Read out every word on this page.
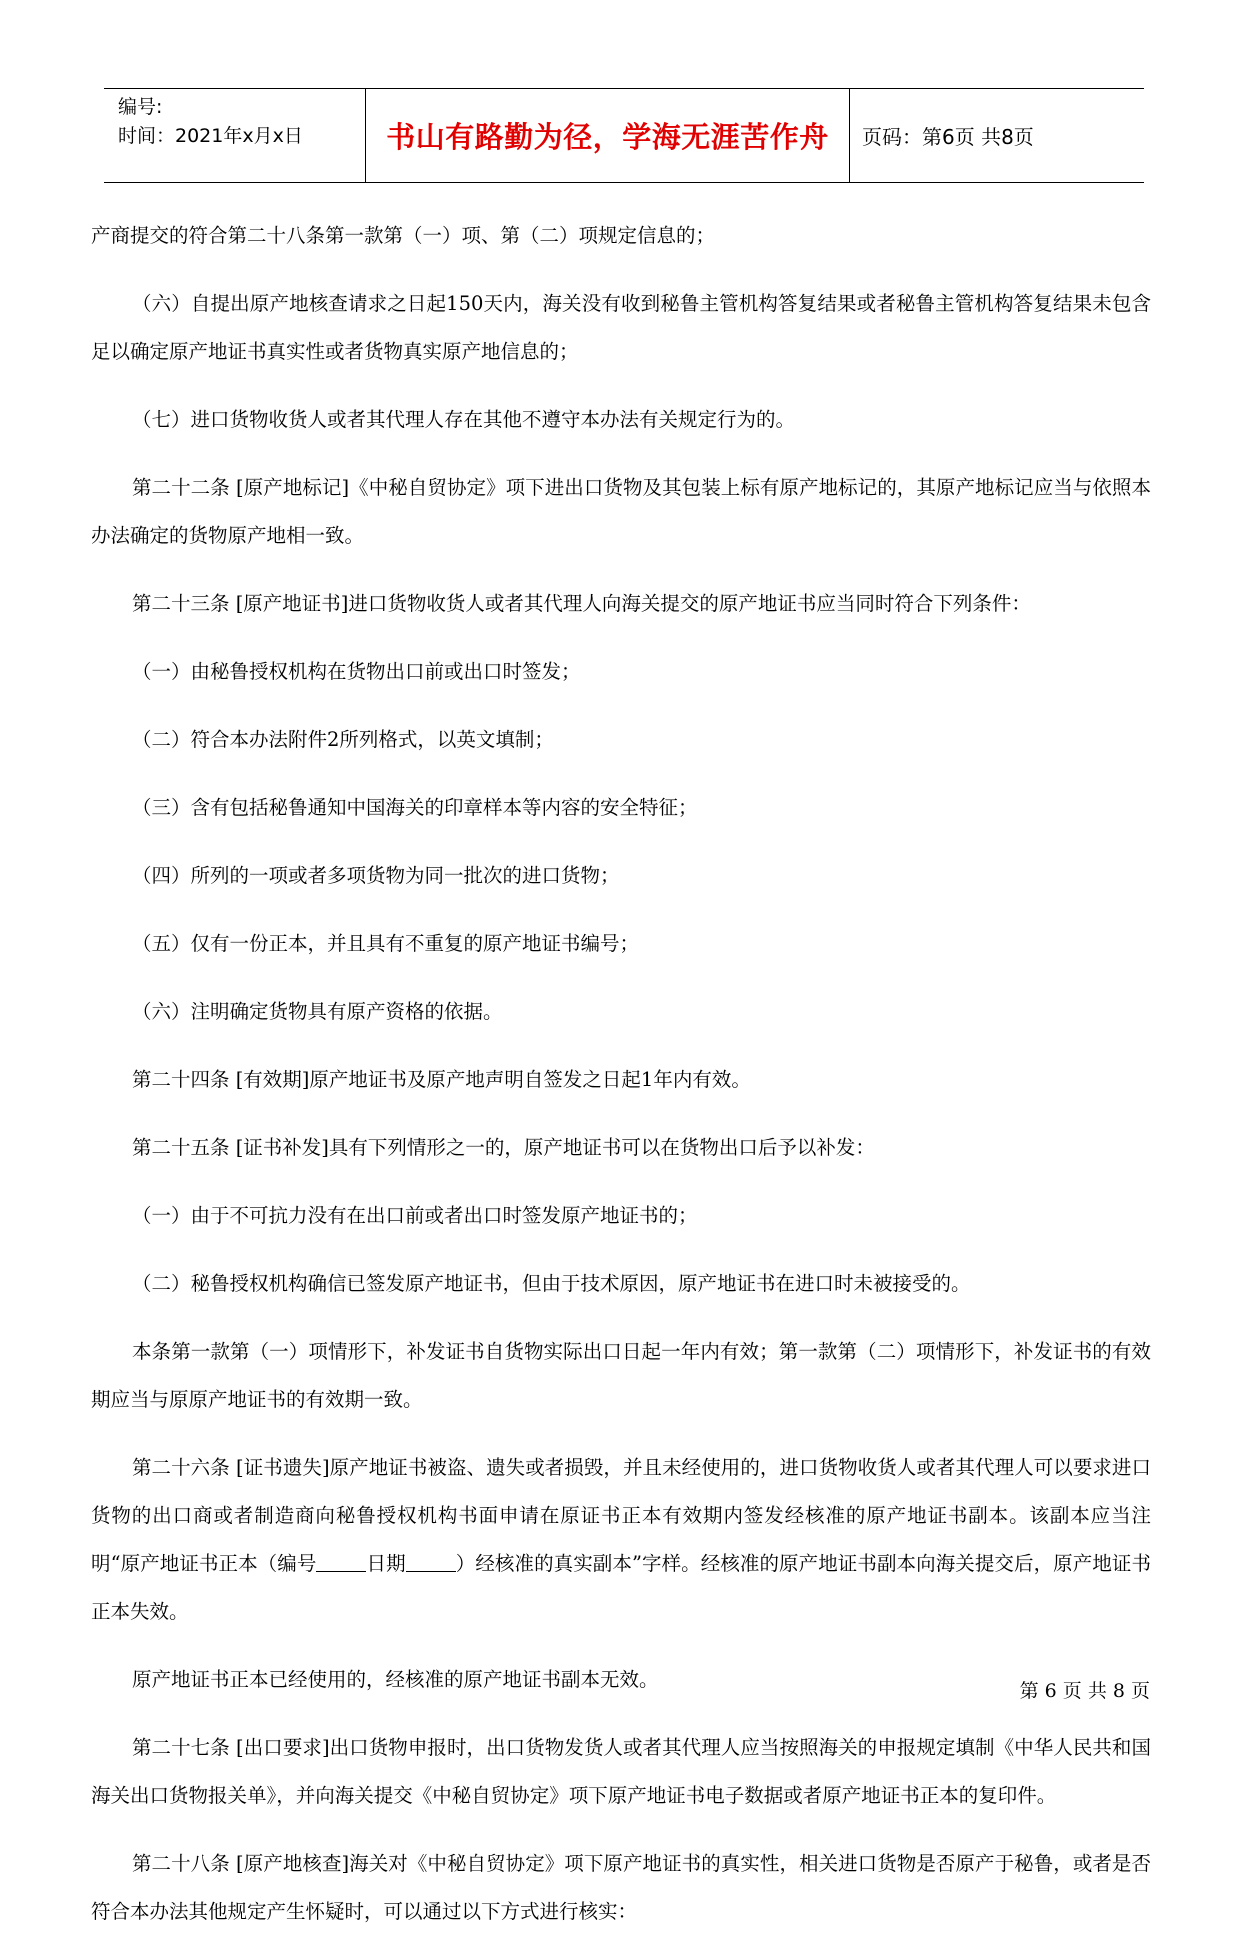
编号:
时间：2021年x月x日	书山有路勤为径，学海无涯苦作舟 页码：第6页 共8页

产商提交的符合第二十八条第一款第（一）项、第（二）项规定信息的；

（六）自提出原产地核查请求之日起150天内，海关没有收到秘鲁主管机构答复结果或者秘鲁主管机构答复结果未包含足以确定原产地证书真实性或者货物真实原产地信息的；

（七）进口货物收货人或者其代理人存在其他不遵守本办法有关规定行为的。

第二十二条 [原产地标记]《中秘自贸协定》项下进出口货物及其包装上标有原产地标记的，其原产地标记应当与依照本办法确定的货物原产地相一致。

第二十三条 [原产地证书]进口货物收货人或者其代理人向海关提交的原产地证书应当同时符合下列条件：

（一）由秘鲁授权机构在货物出口前或出口时签发；

（二）符合本办法附件2所列格式，以英文填制；

（三）含有包括秘鲁通知中国海关的印章样本等内容的安全特征；

（四）所列的一项或者多项货物为同一批次的进口货物；

（五）仅有一份正本，并且具有不重复的原产地证书编号；

（六）注明确定货物具有原产资格的依据。

第二十四条 [有效期]原产地证书及原产地声明自签发之日起1年内有效。

第二十五条 [证书补发]具有下列情形之一的，原产地证书可以在货物出口后予以补发：

（一）由于不可抗力没有在出口前或者出口时签发原产地证书的；

（二）秘鲁授权机构确信已签发原产地证书，但由于技术原因，原产地证书在进口时未被接受的。

本条第一款第（一）项情形下，补发证书自货物实际出口日起一年内有效；第一款第（二）项情形下，补发证书的有效期应当与原原产地证书的有效期一致。

第二十六条 [证书遗失]原产地证书被盗、遗失或者损毁，并且未经使用的，进口货物收货人或者其代理人可以要求进口货物的出口商或者制造商向秘鲁授权机构书面申请在原证书正本有效期内签发经核准的原产地证书副本。该副本应当注明“原产地证书正本（编号	日期	）经核准的真实副本”字样。经核准的原产地证书副本向海关提交后，原产地证书正本失效。

原产地证书正本已经使用的，经核准的原产地证书副本无效。

第二十七条 [出口要求]出口货物申报时，出口货物发货人或者其代理人应当按照海关的申报规定填制《中华人民共和国海关出口货物报关单》，并向海关提交《中秘自贸协定》项下原产地证书电子数据或者原产地证书正本的复印件。

第二十八条 [原产地核查]海关对《中秘自贸协定》项下原产地证书的真实性，相关进口货物是否原产于秘鲁，或者是否符合本办法其他规定产生怀疑时，可以通过以下方式进行核实：

第 6 页 共 8 页
